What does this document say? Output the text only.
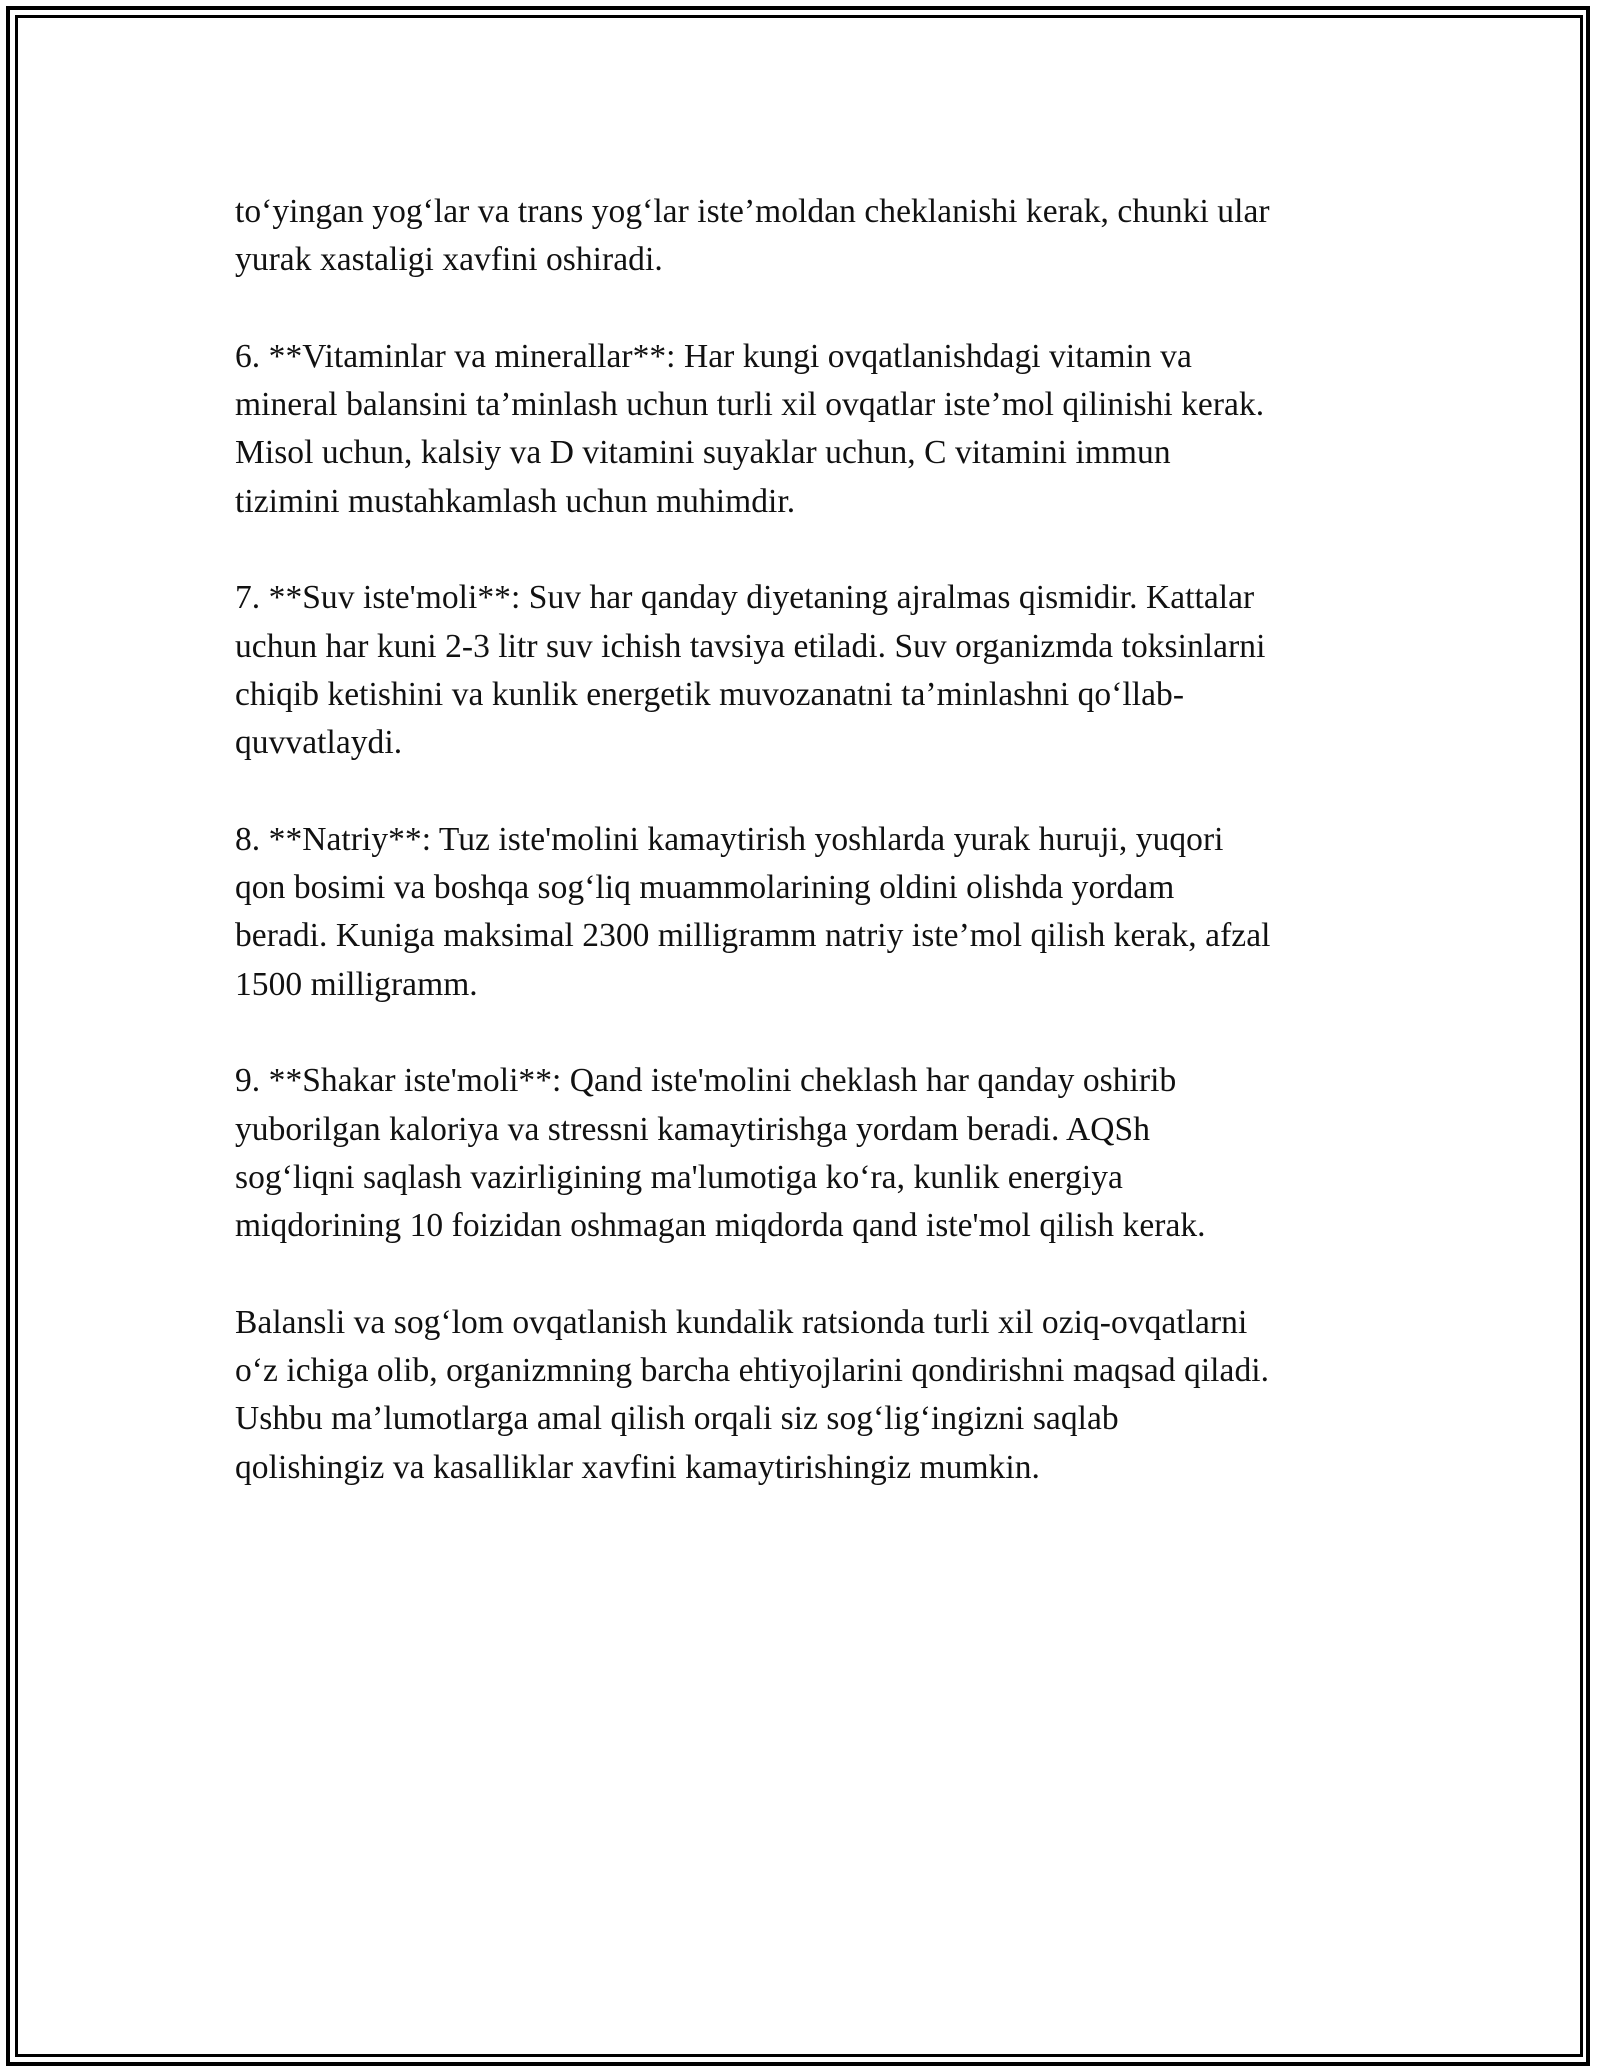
to‘yingan yog‘lar va trans yog‘lar iste’moldan cheklanishi kerak, chunki ular
yurak xastaligi xavfini oshiradi.

6. **Vitaminlar va minerallar**: Har kungi ovqatlanishdagi vitamin va
mineral balansini ta’minlash uchun turli xil ovqatlar iste’mol qilinishi kerak.
Misol uchun, kalsiy va D vitamini suyaklar uchun, C vitamini immun
tizimini mustahkamlash uchun muhimdir.

7. **Suv iste'moli**: Suv har qanday diyetaning ajralmas qismidir. Kattalar
uchun har kuni 2-3 litr suv ichish tavsiya etiladi. Suv organizmda toksinlarni
chiqib ketishini va kunlik energetik muvozanatni ta’minlashni qo‘llab-
quvvatlaydi.

8. **Natriy**: Tuz iste'molini kamaytirish yoshlarda yurak huruji, yuqori
qon bosimi va boshqa sog‘liq muammolarining oldini olishda yordam
beradi. Kuniga maksimal 2300 milligramm natriy iste’mol qilish kerak, afzal
1500 milligramm.

9. **Shakar iste'moli**: Qand iste'molini cheklash har qanday oshirib
yuborilgan kaloriya va stressni kamaytirishga yordam beradi. AQSh
sog‘liqni saqlash vazirligining ma'lumotiga ko‘ra, kunlik energiya
miqdorining 10 foizidan oshmagan miqdorda qand iste'mol qilish kerak.

Balansli va sog‘lom ovqatlanish kundalik ratsionda turli xil oziq-ovqatlarni
o‘z ichiga olib, organizmning barcha ehtiyojlarini qondirishni maqsad qiladi.
Ushbu ma’lumotlarga amal qilish orqali siz sog‘lig‘ingizni saqlab
qolishingiz va kasalliklar xavfini kamaytirishingiz mumkin.
